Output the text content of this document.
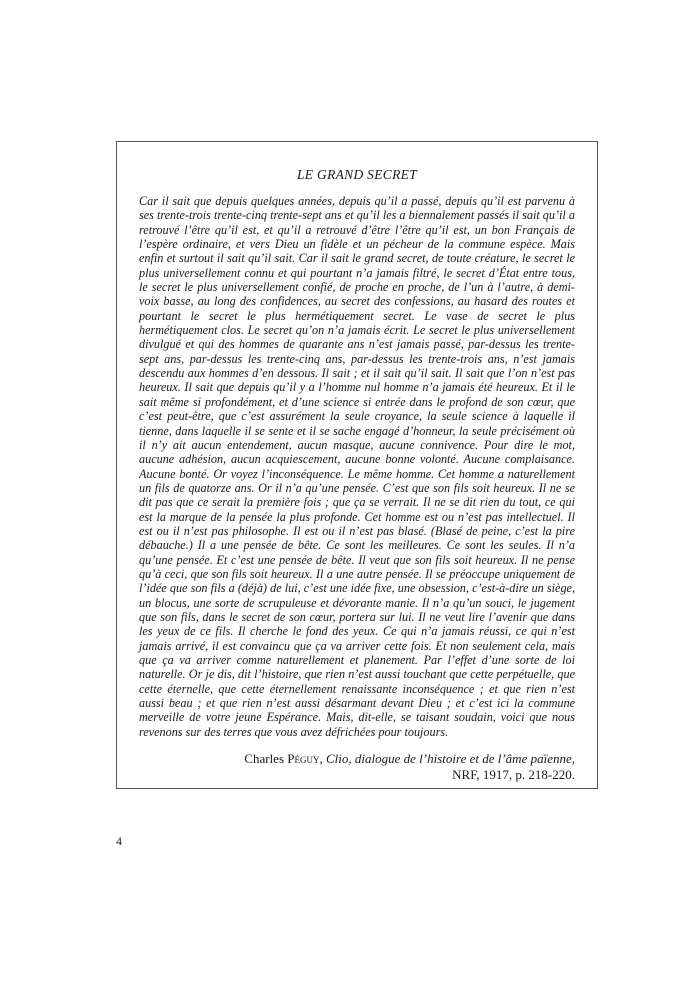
LE GRAND SECRET

Car il sait que depuis quelques années, depuis qu’il a passé, depuis qu’il est parvenu à ses trente-trois trente-cinq trente-sept ans et qu’il les a biennalement passés il sait qu’il a retrouvé l’être qu’il est, et qu’il a retrouvé d’être l’être qu’il est, un bon Français de l’espère ordinaire, et vers Dieu un fidèle et un pécheur de la commune espèce. Mais enfin et surtout il sait qu’il sait. Car il sait le grand secret, de toute créature, le secret le plus universellement connu et qui pourtant n’a jamais filtré, le secret d’État entre tous, le secret le plus universellement confié, de proche en proche, de l’un à l’autre, à demi-voix basse, au long des confidences, au secret des confessions, au hasard des routes et pourtant le secret le plus hermétiquement secret. Le vase de secret le plus hermétiquement clos. Le secret qu’on n’a jamais écrit. Le secret le plus universellement divulgué et qui des hommes de quarante ans n’est jamais passé, par-dessus les trente-sept ans, par-dessus les trente-cinq ans, par-dessus les trente-trois ans, n’est jamais descendu aux hommes d’en dessous. Il sait ; et il sait qu’il sait. Il sait que l’on n’est pas heureux. Il sait que depuis qu’il y a l’homme nul homme n’a jamais été heureux. Et il le sait même si profondément, et d’une science si entrée dans le profond de son cœur, que c’est peut-être, que c’est assurément la seule croyance, la seule science à laquelle il tienne, dans laquelle il se sente et il se sache engagé d’honneur, la seule précisément où il n’y ait aucun entendement, aucun masque, aucune connivence. Pour dire le mot, aucune adhésion, aucun acquiescement, aucune bonne volonté. Aucune complaisance. Aucune bonté. Or voyez l’inconséquence. Le même homme. Cet homme a naturellement un fils de quatorze ans. Or il n’a qu’une pensée. C’est que son fils soit heureux. Il ne se dit pas que ce serait la première fois ; que ça se verrait. Il ne se dit rien du tout, ce qui est la marque de la pensée la plus profonde. Cet homme est ou n’est pas intellectuel. Il est ou il n’est pas philosophe. Il est ou il n’est pas blasé. (Blasé de peine, c’est la pire débauche.) Il a une pensée de bête. Ce sont les meilleures. Ce sont les seules. Il n’a qu’une pensée. Et c’est une pensée de bête. Il veut que son fils soit heureux. Il ne pense qu’à ceci, que son fils soit heureux. Il a une autre pensée. Il se préoccupe uniquement de l’idée que son fils a (déjà) de lui, c’est une idée fixe, une obsession, c’est-à-dire un siège, un blocus, une sorte de scrupuleuse et dévorante manie. Il n’a qu’un souci, le jugement que son fils, dans le secret de son cœur, portera sur lui. Il ne veut lire l’avenir que dans les yeux de ce fils. Il cherche le fond des yeux. Ce qui n’a jamais réussi, ce qui n’est jamais arrivé, il est convaincu que ça va arriver cette fois. Et non seulement cela, mais que ça va arriver comme naturellement et planement. Par l’effet d’une sorte de loi naturelle. Or je dis, dit l’histoire, que rien n’est aussi touchant que cette perpétuelle, que cette éternelle, que cette éternellement renaissante inconséquence ; et que rien n’est aussi beau ; et que rien n’est aussi désarmant devant Dieu ; et c’est ici la commune merveille de votre jeune Espérance. Mais, dit-elle, se taisant soudain, voici que nous revenons sur des terres que vous avez défrichées pour toujours.

Charles Péguy, Clio, dialogue de l’histoire et de l’âme païenne,
NRF, 1917, p. 218-220.
4
